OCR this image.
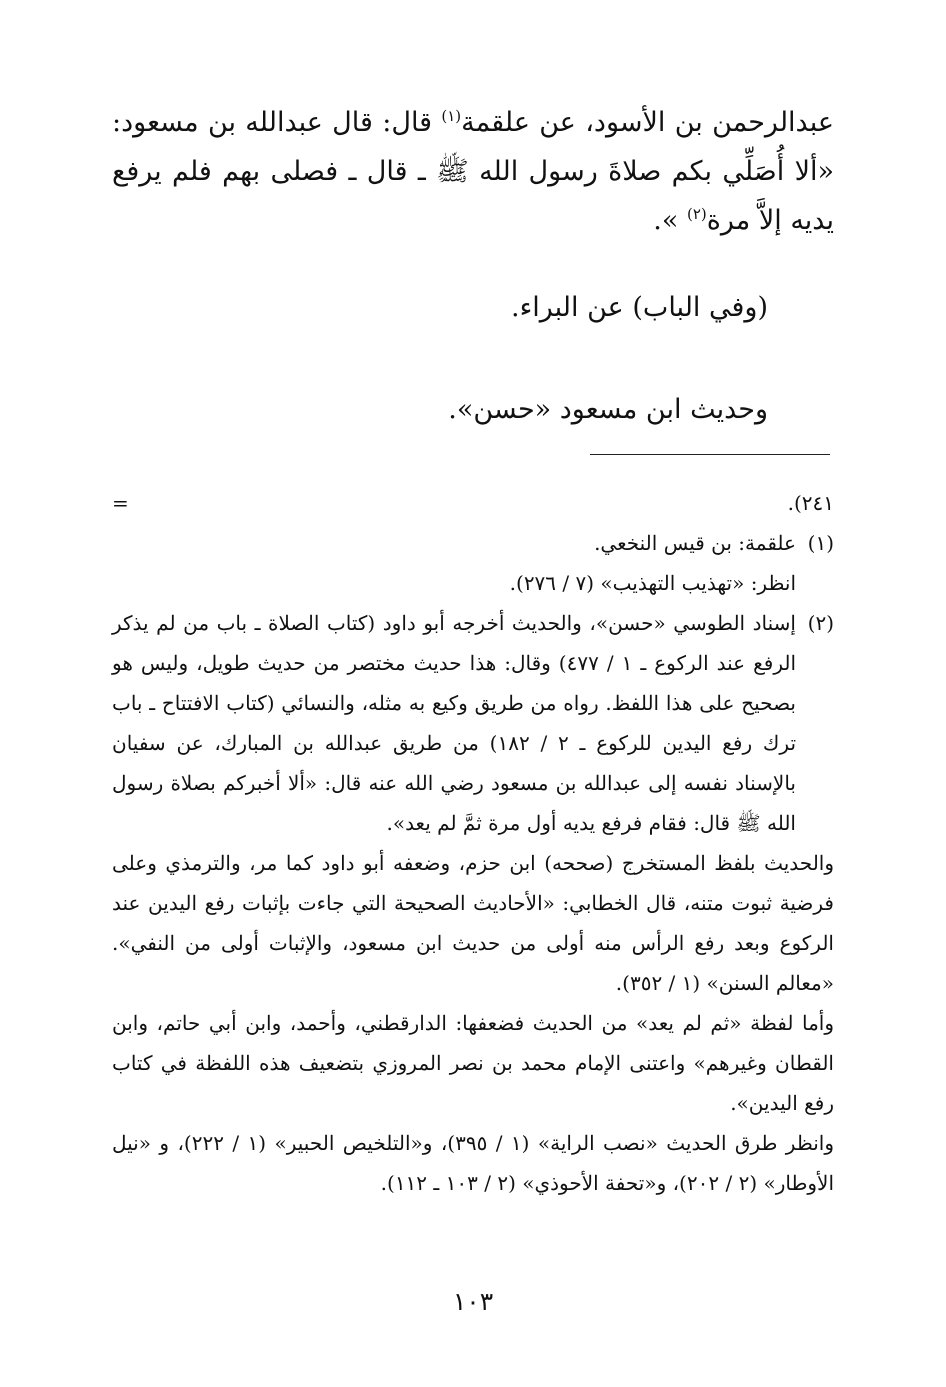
عبدالرحمن بن الأسود، عن علقمة$^{(١)}$ قال: قال عبدالله بن مسعود: «ألا أُصَلِّي بكم صلاةَ رسول الله ﷺ ـ قال ـ فصلى بهم فلم يرفع يديه إلاَّ مرة$^{(٢)}$ ».

(وفي الباب) عن البراء.
وحديث ابن مسعود «حسن».

٢٤١).
=

(١)علقمة: بن قيس النخعي.

انظر: «تهذيب التهذيب» (٧ / ٢٧٦).

(٢)إسناد الطوسي «حسن»، والحديث أخرجه أبو داود (كتاب الصلاة ـ باب من لم يذكر الرفع عند الركوع ـ ١ / ٤٧٧) وقال: هذا حديث مختصر من حديث طويل، وليس هو بصحيح على هذا اللفظ. رواه من طريق وكيع به مثله، والنسائي (كتاب الافتتاح ـ باب ترك رفع اليدين للركوع ـ ٢ / ١٨٢) من طريق عبدالله بن المبارك، عن سفيان بالإسناد نفسه إلى عبدالله بن مسعود رضي الله عنه قال: «ألا أخبركم بصلاة رسول الله ﷺ قال: فقام فرفع يديه أول مرة ثمَّ لم يعد».

والحديث بلفظ المستخرج (صححه) ابن حزم، وضعفه أبو داود كما مر، والترمذي وعلى فرضية ثبوت متنه، قال الخطابي: «الأحاديث الصحيحة التي جاءت بإثبات رفع اليدين عند الركوع وبعد رفع الرأس منه أولى من حديث ابن مسعود، والإثبات أولى من النفي». «معالم السنن» (١ / ٣٥٢).

وأما لفظة «ثم لم يعد» من الحديث فضعفها: الدارقطني، وأحمد، وابن أبي حاتم، وابن القطان وغيرهم» واعتنى الإمام محمد بن نصر المروزي بتضعيف هذه اللفظة في كتاب رفع اليدين».

وانظر طرق الحديث «نصب الراية» (١ / ٣٩٥)، و«التلخيص الحبير» (١ / ٢٢٢)، و «نيل الأوطار» (٢ / ٢٠٢)، و«تحفة الأحوذي» (٢ / ١٠٣ ـ ١١٢).

١٠٣
